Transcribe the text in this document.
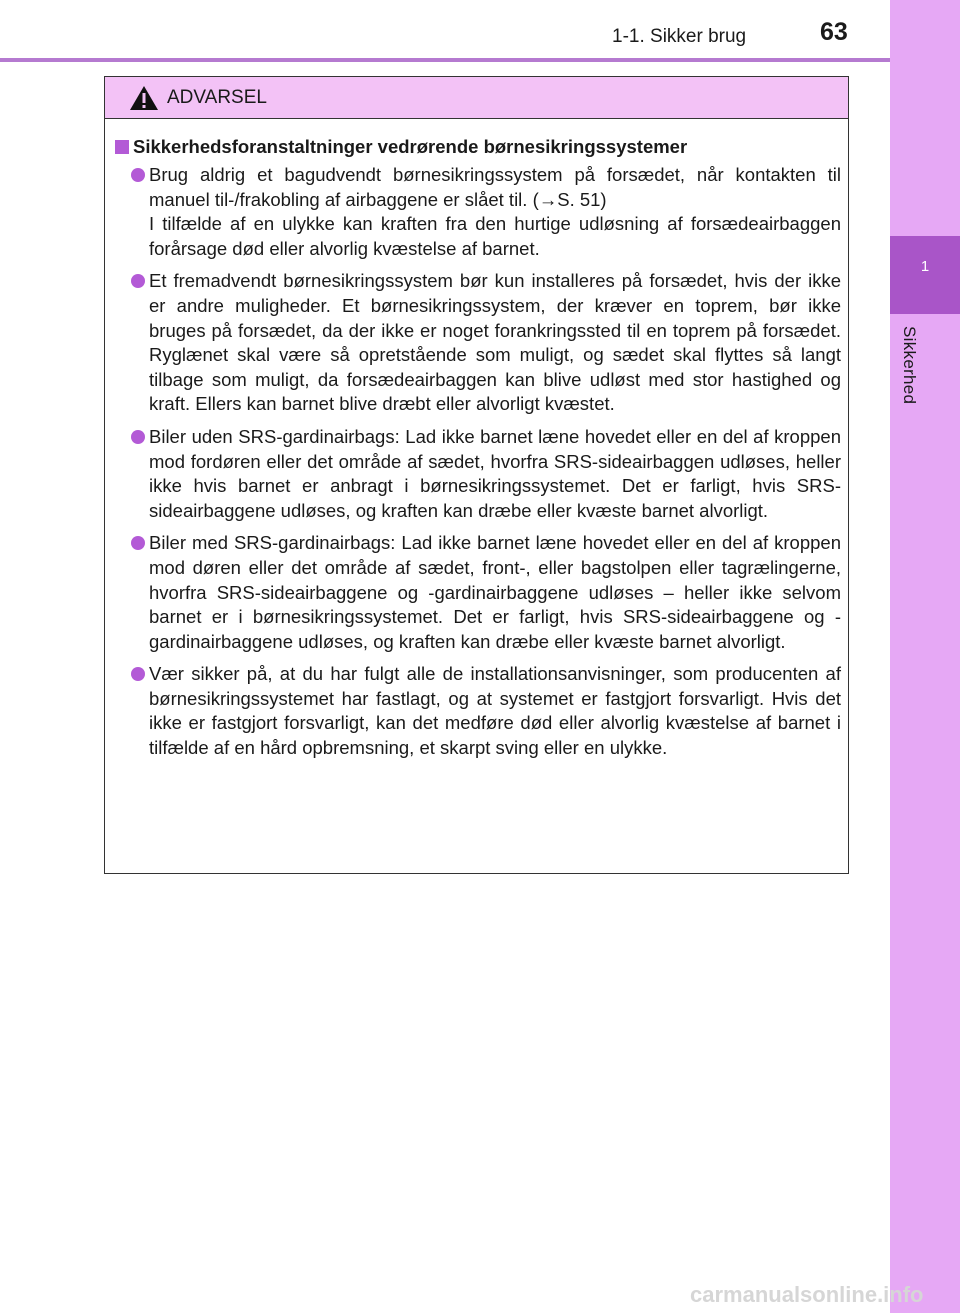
1
Sikkerhed
1-1. Sikker brug	63
ADVARSEL
Sikkerhedsforanstaltninger vedrørende børnesikringssystemer

Brug aldrig et bagudvendt børnesikringssystem på forsædet, når kontakten til manuel til-/frakobling af airbaggene er slået til. (→S. 51)

I tilfælde af en ulykke kan kraften fra den hurtige udløsning af forsædeairbaggen forårsage død eller alvorlig kvæstelse af barnet.

Et fremadvendt børnesikringssystem bør kun installeres på forsædet, hvis der ikke er andre muligheder. Et børnesikringssystem, der kræver en toprem, bør ikke bruges på forsædet, da der ikke er noget forankringssted til en toprem på forsædet. Ryglænet skal være så opretstående som muligt, og sædet skal flyttes så langt tilbage som muligt, da forsædeairbaggen kan blive udløst med stor hastighed og kraft. Ellers kan barnet blive dræbt eller alvorligt kvæstet.

Biler uden SRS-gardinairbags: Lad ikke barnet læne hovedet eller en del af kroppen mod fordøren eller det område af sædet, hvorfra SRS-sideairbaggen udløses, heller ikke hvis barnet er anbragt i børnesikringssystemet. Det er farligt, hvis SRS-sideairbaggene udløses, og kraften kan dræbe eller kvæste barnet alvorligt.

Biler med SRS-gardinairbags: Lad ikke barnet læne hovedet eller en del af kroppen mod døren eller det område af sædet, front-, eller bagstolpen eller tagrælingerne, hvorfra SRS-sideairbaggene og -gardinairbaggene udløses – heller ikke selvom barnet er i børnesikringssystemet. Det er farligt, hvis SRS-sideairbaggene og -gardinairbaggene udløses, og kraften kan dræbe eller kvæste barnet alvorligt.

Vær sikker på, at du har fulgt alle de installationsanvisninger, som producenten af børnesikringssystemet har fastlagt, og at systemet er fastgjort forsvarligt. Hvis det ikke er fastgjort forsvarligt, kan det medføre død eller alvorlig kvæstelse af barnet i tilfælde af en hård opbremsning, et skarpt sving eller en ulykke.

carmanualsonline.info
